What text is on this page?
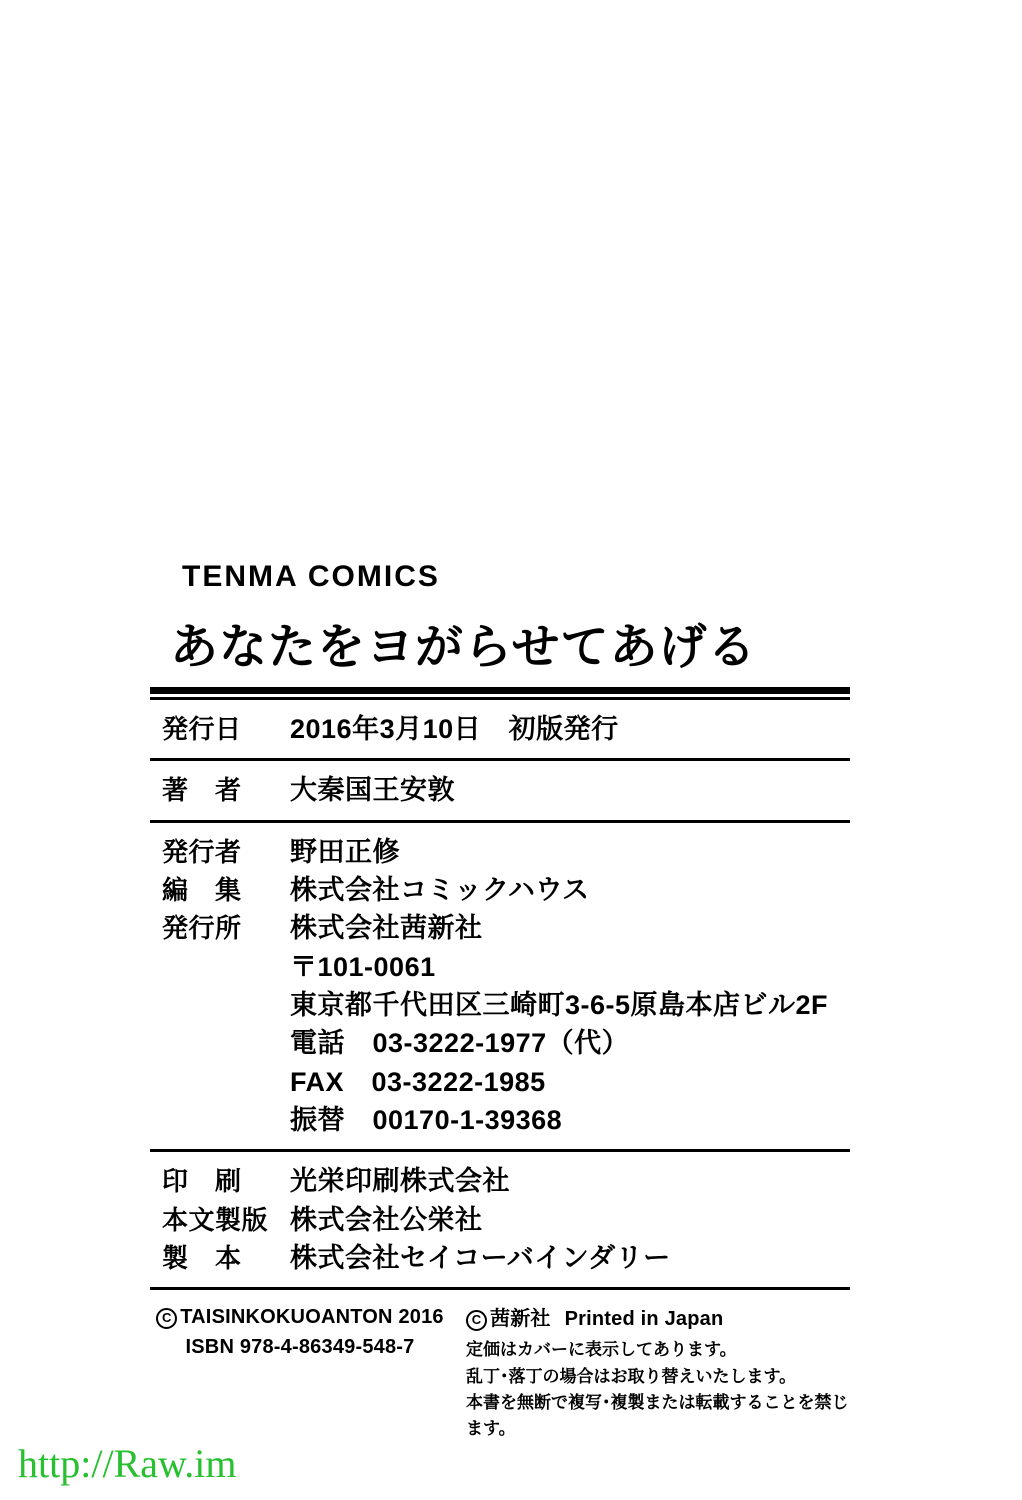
TENMA COMICS
あなたをヨがらせてあげる
発行日	2016年3月10日　初版発行
著　者	大秦国王安敦
発行者	野田正修
編　集	株式会社コミックハウス
発行所	株式会社茜新社
〒101-0061
東京都千代田区三崎町3-6-5原島本店ビル2F
電話　03-3222-1977（代）
FAX　03-3222-1985
振替　00170-1-39368
印　刷	光栄印刷株式会社
本文製版 株式会社公栄社
製　本	株式会社セイコーバインダリー
C TAISINKOKUOANTON 2016
ISBN 978-4-86349-548-7
C 茜新社 Printed in Japan
定価はカバーに表示してあります。
乱丁･落丁の場合はお取り替えいたします。
本書を無断で複写･複製または転載することを禁じます。
http://Raw.im
